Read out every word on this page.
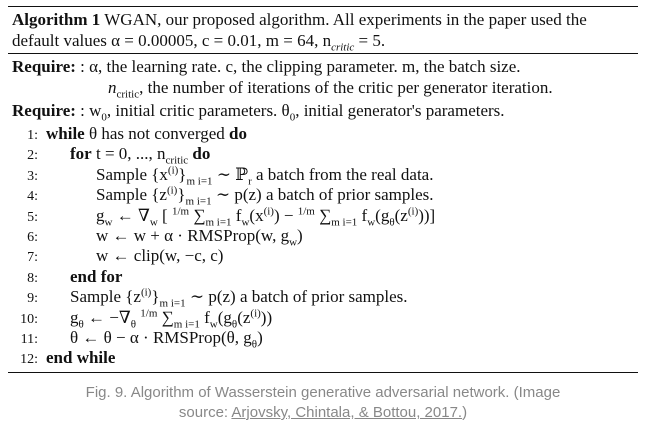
Algorithm 1 WGAN, our proposed algorithm. All experiments in the paper used the default values α = 0.00005, c = 0.01, m = 64, $n_{critic} = 5$.
Require: : α, the learning rate. c, the clipping parameter. m, the batch size.
$n_{critic}$, the number of iterations of the critic per generator iteration.
Require: : $w_0$, initial critic parameters. $\theta_0$, initial generator's parameters.
1: while θ has not converged do
2:	for t = 0, ..., $n_{critic}$ do
3:	Sample $\{x^{(i)}\}_{m i=1}$ ∼ ℙ$_r$ a batch from the real data.
4:	Sample $\{z^{(i)}\}_{m i=1}$ ∼ p(z) a batch of prior samples.
5:	$g_w$ ← $\nabla_w$ [ $^{1/m}$ $\sum_{m i=1}$ $f_w(x^{(i)}) - ^{1/m}$ $\sum_{m i=1}$ $f_w(g_\theta(z^{(i)}))$]
6:	w ← w + α · RMSProp(w, $g_w$)
7:	w ← clip(w, −c, c)
8:	end for
9:	Sample $\{z^{(i)}\}_{m i=1}$ ∼ p(z) a batch of prior samples.
10:	$g_\theta$ ← $-\nabla_\theta$ $^{1/m}$ $\sum_{m i=1}$ $f_w(g_\theta(z^{(i)}))$
11:	θ ← θ − α · RMSProp(θ, $g_\theta$)
12: end while
Fig. 9. Algorithm of Wasserstein generative adversarial network. (Image
source: Arjovsky, Chintala, & Bottou, 2017.)
